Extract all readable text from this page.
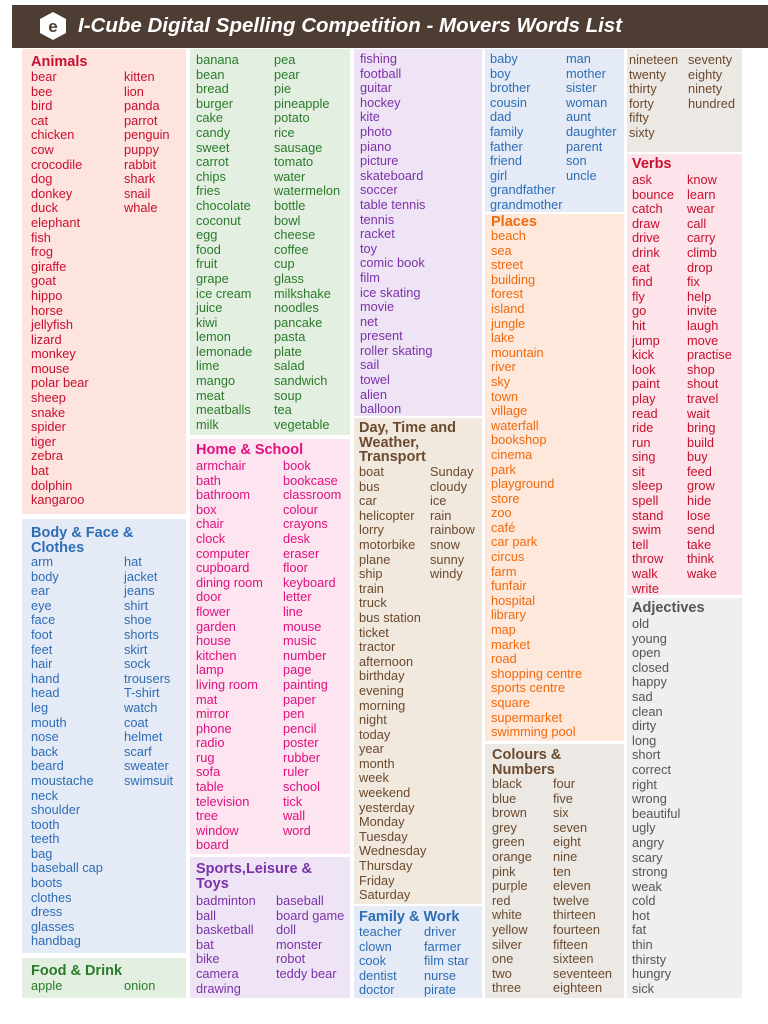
e I-Cube Digital Spelling Competition - Movers Words List
Animals
bear
bee
bird
cat
chicken
cow
crocodile
dog
donkey
duck
elephant
fish
frog
giraffe
goat
hippo
horse
jellyfish
lizard
monkey
mouse
polar bear
sheep
snake
spider
tiger
zebra
bat
dolphin
kangaroo
kitten
lion
panda
parrot
penguin
puppy
rabbit
shark
snail
whale
Body & Face &
Clothes
arm
body
ear
eye
face
foot
feet
hair
hand
head
leg
mouth
nose
back
beard
moustache
neck
shoulder
tooth
teeth
bag
baseball cap
boots
clothes
dress
glasses
handbag
hat
jacket
jeans
shirt
shoe
shorts
skirt
sock
trousers
T-shirt
watch
coat
helmet
scarf
sweater
swimsuit
Food & Drink
apple	onion
banana
bean
bread
burger
cake
candy
sweet
carrot
chips
fries
chocolate
coconut
egg
food
fruit
grape
ice cream
juice
kiwi
lemon
lemonade
lime
mango
meat
meatballs
milk
pea
pear
pie
pineapple
potato
rice
sausage
tomato
water
watermelon
bottle
bowl
cheese
coffee
cup
glass
milkshake
noodles
pancake
pasta
plate
salad
sandwich
soup
tea
vegetable
Home & School
armchair
bath
bathroom
box
chair
clock
computer
cupboard
dining room
door
flower
garden
house
kitchen
lamp
living room
mat
mirror
phone
radio
rug
sofa
table
television
tree
window
board
book
bookcase
classroom
colour
crayons
desk
eraser
floor
keyboard
letter
line
mouse
music
number
page
painting
paper
pen
pencil
poster
rubber
ruler
school
tick
wall
word
Sports,Leisure &
Toys
badminton
ball
basketball
bat
bike
camera
drawing
baseball
board game
doll
monster
robot
teddy bear
fishing
football
guitar
hockey
kite
photo
piano
picture
skateboard
soccer
table tennis
tennis
racket
toy
comic book
film
ice skating
movie
net
present
roller skating
sail
towel
alien
balloon
Day, Time and
Weather,
Transport
boat
bus
car
helicopter
lorry
motorbike
plane
ship
train
truck
bus station
ticket
tractor
afternoon
birthday
evening
morning
night
today
year
month
week
weekend
yesterday
Monday
Tuesday
Wednesday
Thursday
Friday
Saturday
Sunday
cloudy
ice
rain
rainbow
snow
sunny
windy
Family & Work
teacher
clown
cook
dentist
doctor
driver
farmer
film star
nurse
pirate
baby
boy
brother
cousin
dad
family
father
friend
girl
grandfather
grandmother
man
mother
sister
woman
aunt
daughter
parent
son
uncle
Places
beach
sea
street
building
forest
island
jungle
lake
mountain
river
sky
town
village
waterfall
bookshop
cinema
park
playground
store
zoo
café
car park
circus
farm
funfair
hospital
library
map
market
road
shopping centre
sports centre
square
supermarket
swimming pool
Colours &
Numbers
black
blue
brown
grey
green
orange
pink
purple
red
white
yellow
silver
one
two
three
four
five
six
seven
eight
nine
ten
eleven
twelve
thirteen
fourteen
fifteen
sixteen
seventeen
eighteen
nineteen
twenty
thirty
forty
fifty
sixty
seventy
eighty
ninety
hundred
Verbs
ask
bounce
catch
draw
drive
drink
eat
find
fly
go
hit
jump
kick
look
paint
play
read
ride
run
sing
sit
sleep
spell
stand
swim
tell
throw
walk
write
know
learn
wear
call
carry
climb
drop
fix
help
invite
laugh
move
practise
shop
shout
travel
wait
bring
build
buy
feed
grow
hide
lose
send
take
think
wake
Adjectives
old
young
open
closed
happy
sad
clean
dirty
long
short
correct
right
wrong
beautiful
ugly
angry
scary
strong
weak
cold
hot
fat
thin
thirsty
hungry
sick
